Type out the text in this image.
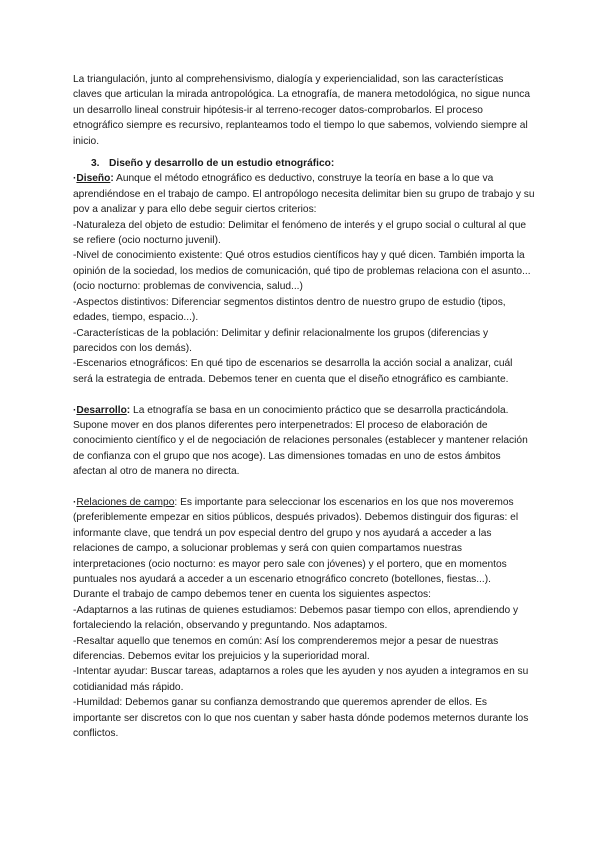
La triangulación, junto al comprehensivismo, dialogía y experiencialidad, son las características claves que articulan la mirada antropológica. La etnografía, de manera metodológica, no sigue nunca un desarrollo lineal construir hipótesis-ir al terreno-recoger datos-comprobarlos. El proceso etnográfico siempre es recursivo, replanteamos todo el tiempo lo que sabemos, volviendo siempre al inicio.

3. Diseño y desarrollo de un estudio etnográfico:

·Diseño: Aunque el método etnográfico es deductivo, construye la teoría en base a lo que va aprendiéndose en el trabajo de campo. El antropólogo necesita delimitar bien su grupo de trabajo y su pov a analizar y para ello debe seguir ciertos criterios:

-Naturaleza del objeto de estudio: Delimitar el fenómeno de interés y el grupo social o cultural al que se refiere (ocio nocturno juvenil).

-Nivel de conocimiento existente: Qué otros estudios científicos hay y qué dicen. También importa la opinión de la sociedad, los medios de comunicación, qué tipo de problemas relaciona con el asunto... (ocio nocturno: problemas de convivencia, salud...)

-Aspectos distintivos: Diferenciar segmentos distintos dentro de nuestro grupo de estudio (tipos, edades, tiempo, espacio...).

-Características de la población: Delimitar y definir relacionalmente los grupos (diferencias y parecidos con los demás).

-Escenarios etnográficos: En qué tipo de escenarios se desarrolla la acción social a analizar, cuál será la estrategia de entrada. Debemos tener en cuenta que el diseño etnográfico es cambiante.

·Desarrollo: La etnografía se basa en un conocimiento práctico que se desarrolla practicándola. Supone mover en dos planos diferentes pero interpenetrados: El proceso de elaboración de conocimiento científico y el de negociación de relaciones personales (establecer y mantener relación de confianza con el grupo que nos acoge). Las dimensiones tomadas en uno de estos ámbitos afectan al otro de manera no directa.

·Relaciones de campo: Es importante para seleccionar los escenarios en los que nos moveremos (preferiblemente empezar en sitios públicos, después privados). Debemos distinguir dos figuras: el informante clave, que tendrá un pov especial dentro del grupo y nos ayudará a acceder a las relaciones de campo, a solucionar problemas y será con quien compartamos nuestras interpretaciones (ocio nocturno: es mayor pero sale con jóvenes) y el portero, que en momentos puntuales nos ayudará a acceder a un escenario etnográfico concreto (botellones, fiestas...).

Durante el trabajo de campo debemos tener en cuenta los siguientes aspectos:

-Adaptarnos a las rutinas de quienes estudiamos: Debemos pasar tiempo con ellos, aprendiendo y fortaleciendo la relación, observando y preguntando. Nos adaptamos.

-Resaltar aquello que tenemos en común: Así los comprenderemos mejor a pesar de nuestras diferencias. Debemos evitar los prejuicios y la superioridad moral.

-Intentar ayudar: Buscar tareas, adaptarnos a roles que les ayuden y nos ayuden a integramos en su cotidianidad más rápido.

-Humildad: Debemos ganar su confianza demostrando que queremos aprender de ellos. Es importante ser discretos con lo que nos cuentan y saber hasta dónde podemos meternos durante los conflictos.
